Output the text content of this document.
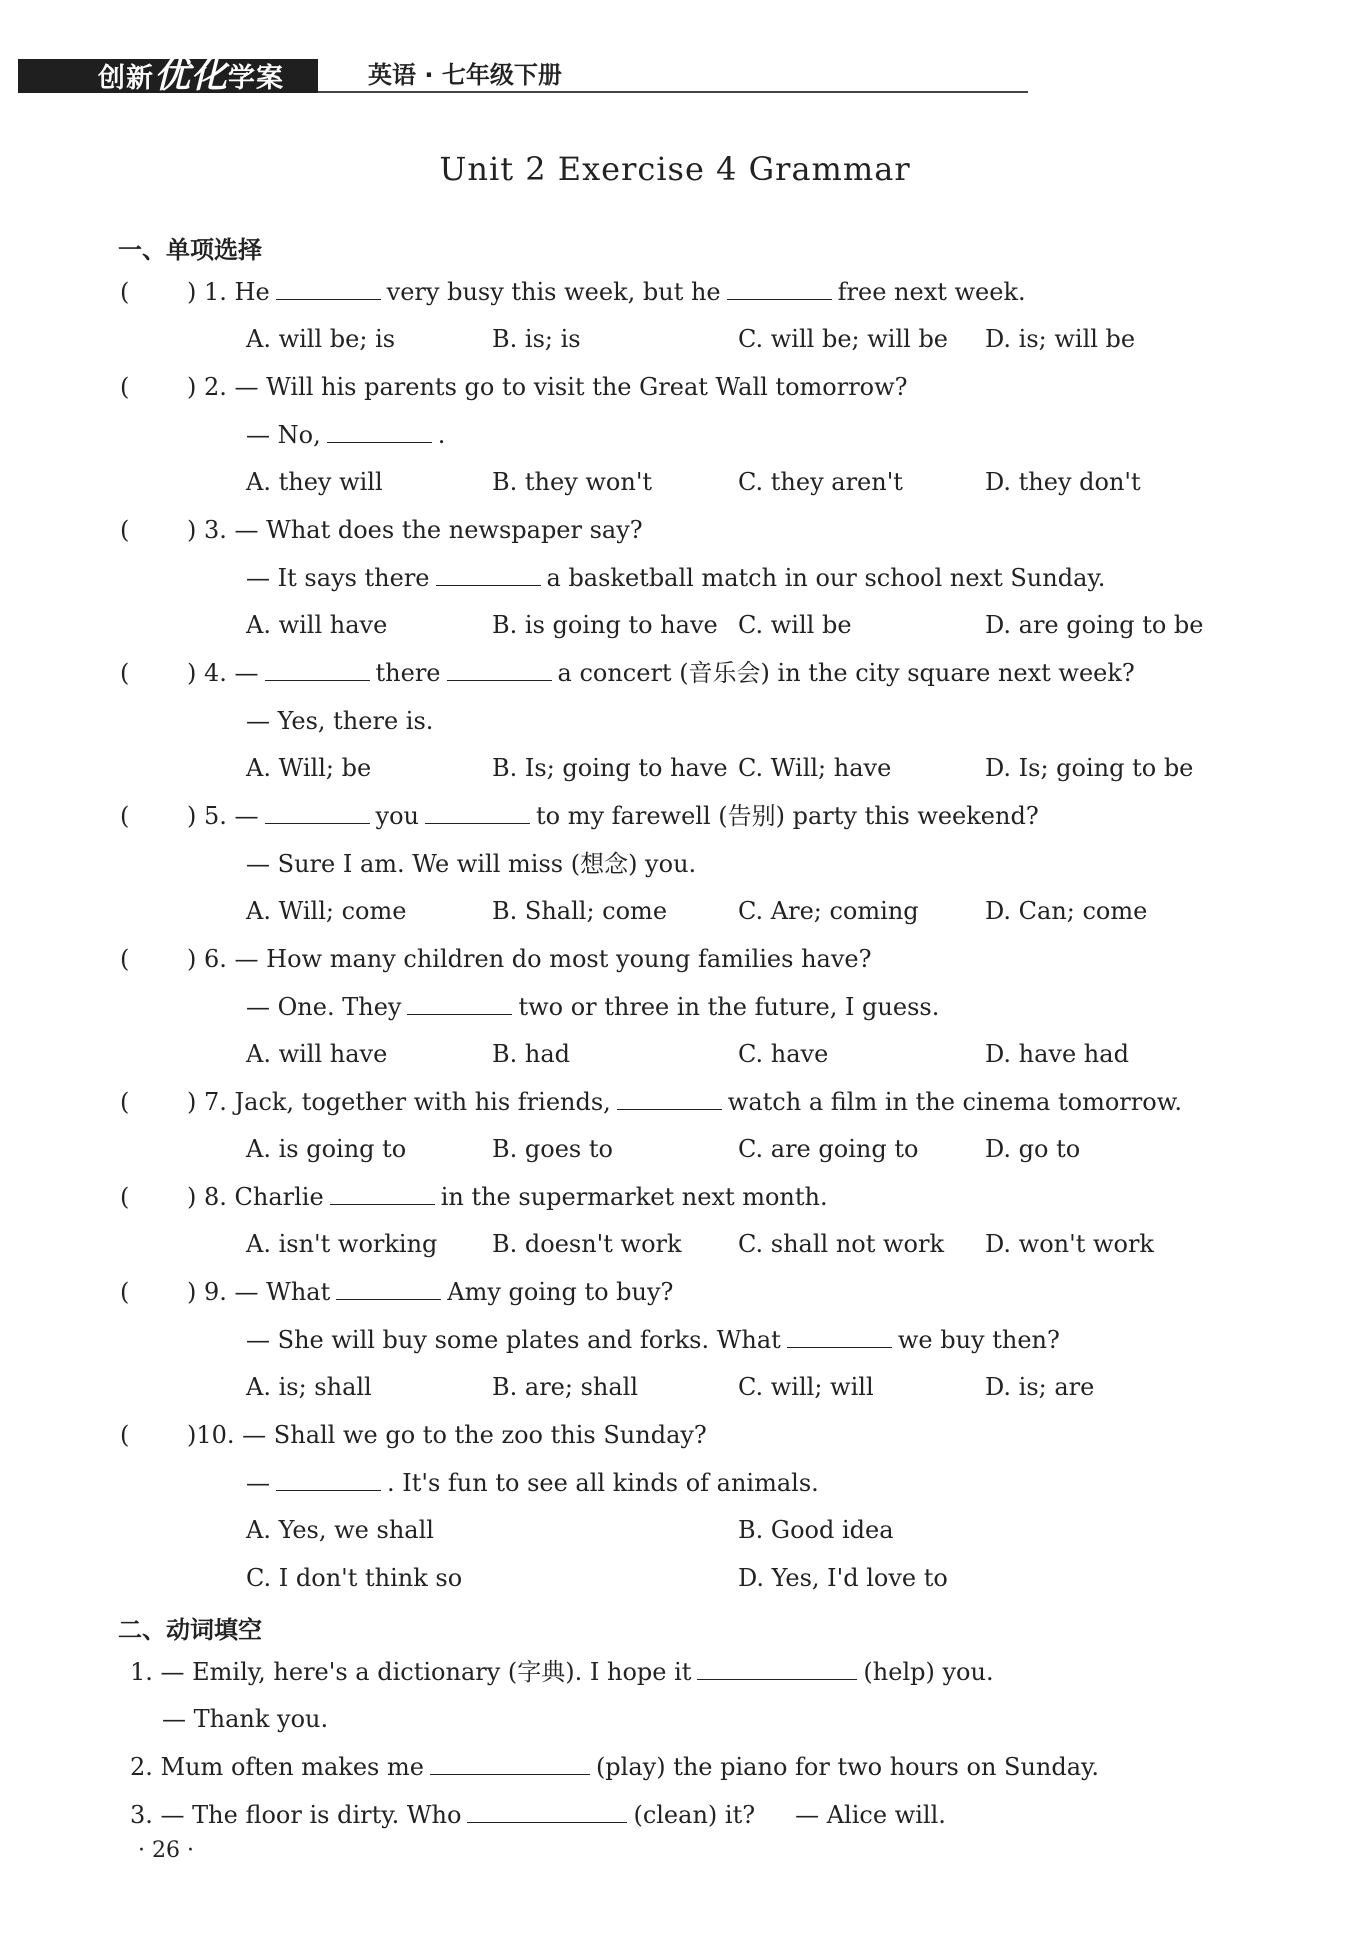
创新优化学案	英语 · 七年级下册
Unit 2 Exercise 4 Grammar
一、单项选择
( ) 1. He	very busy this week, but he	free next week.
A. will be; is	B. is; is	C. will be; will be D. is; will be
( ) 2. — Will his parents go to visit the Great Wall tomorrow?
— No,	.
A. they will	B. they won't	C. they aren't	D. they don't
( ) 3. — What does the newspaper say?
— It says there	a basketball match in our school next Sunday.
A. will have	B. is going to have C. will be	D. are going to be
( ) 4. —	there	a concert (音乐会) in the city square next week?
— Yes, there is.
A. Will; be	B. Is; going to have C. Will; have	D. Is; going to be
( ) 5. —	you	to my farewell (告别) party this weekend?
— Sure I am. We will miss (想念) you.
A. Will; come	B. Shall; come	C. Are; coming	D. Can; come
( ) 6. — How many children do most young families have?
— One. They	two or three in the future, I guess.
A. will have	B. had	C. have	D. have had
( ) 7. Jack, together with his friends,	watch a film in the cinema tomorrow.
A. is going to	B. goes to	C. are going to	D. go to
( ) 8. Charlie	in the supermarket next month.
A. isn't working B. doesn't work C. shall not work D. won't work
( ) 9. — What	Amy going to buy?
— She will buy some plates and forks. What	we buy then?
A. is; shall	B. are; shall	C. will; will	D. is; are
( )10. — Shall we go to the zoo this Sunday?
—	. It's fun to see all kinds of animals.
A. Yes, we shall	B. Good idea
C. I don't think so	D. Yes, I'd love to
二、动词填空
1. — Emily, here's a dictionary (字典). I hope it	(help) you.
— Thank you.
2. Mum often makes me	(play) the piano for two hours on Sunday.
3. — The floor is dirty. Who	(clean) it? — Alice will.
· 26 ·
